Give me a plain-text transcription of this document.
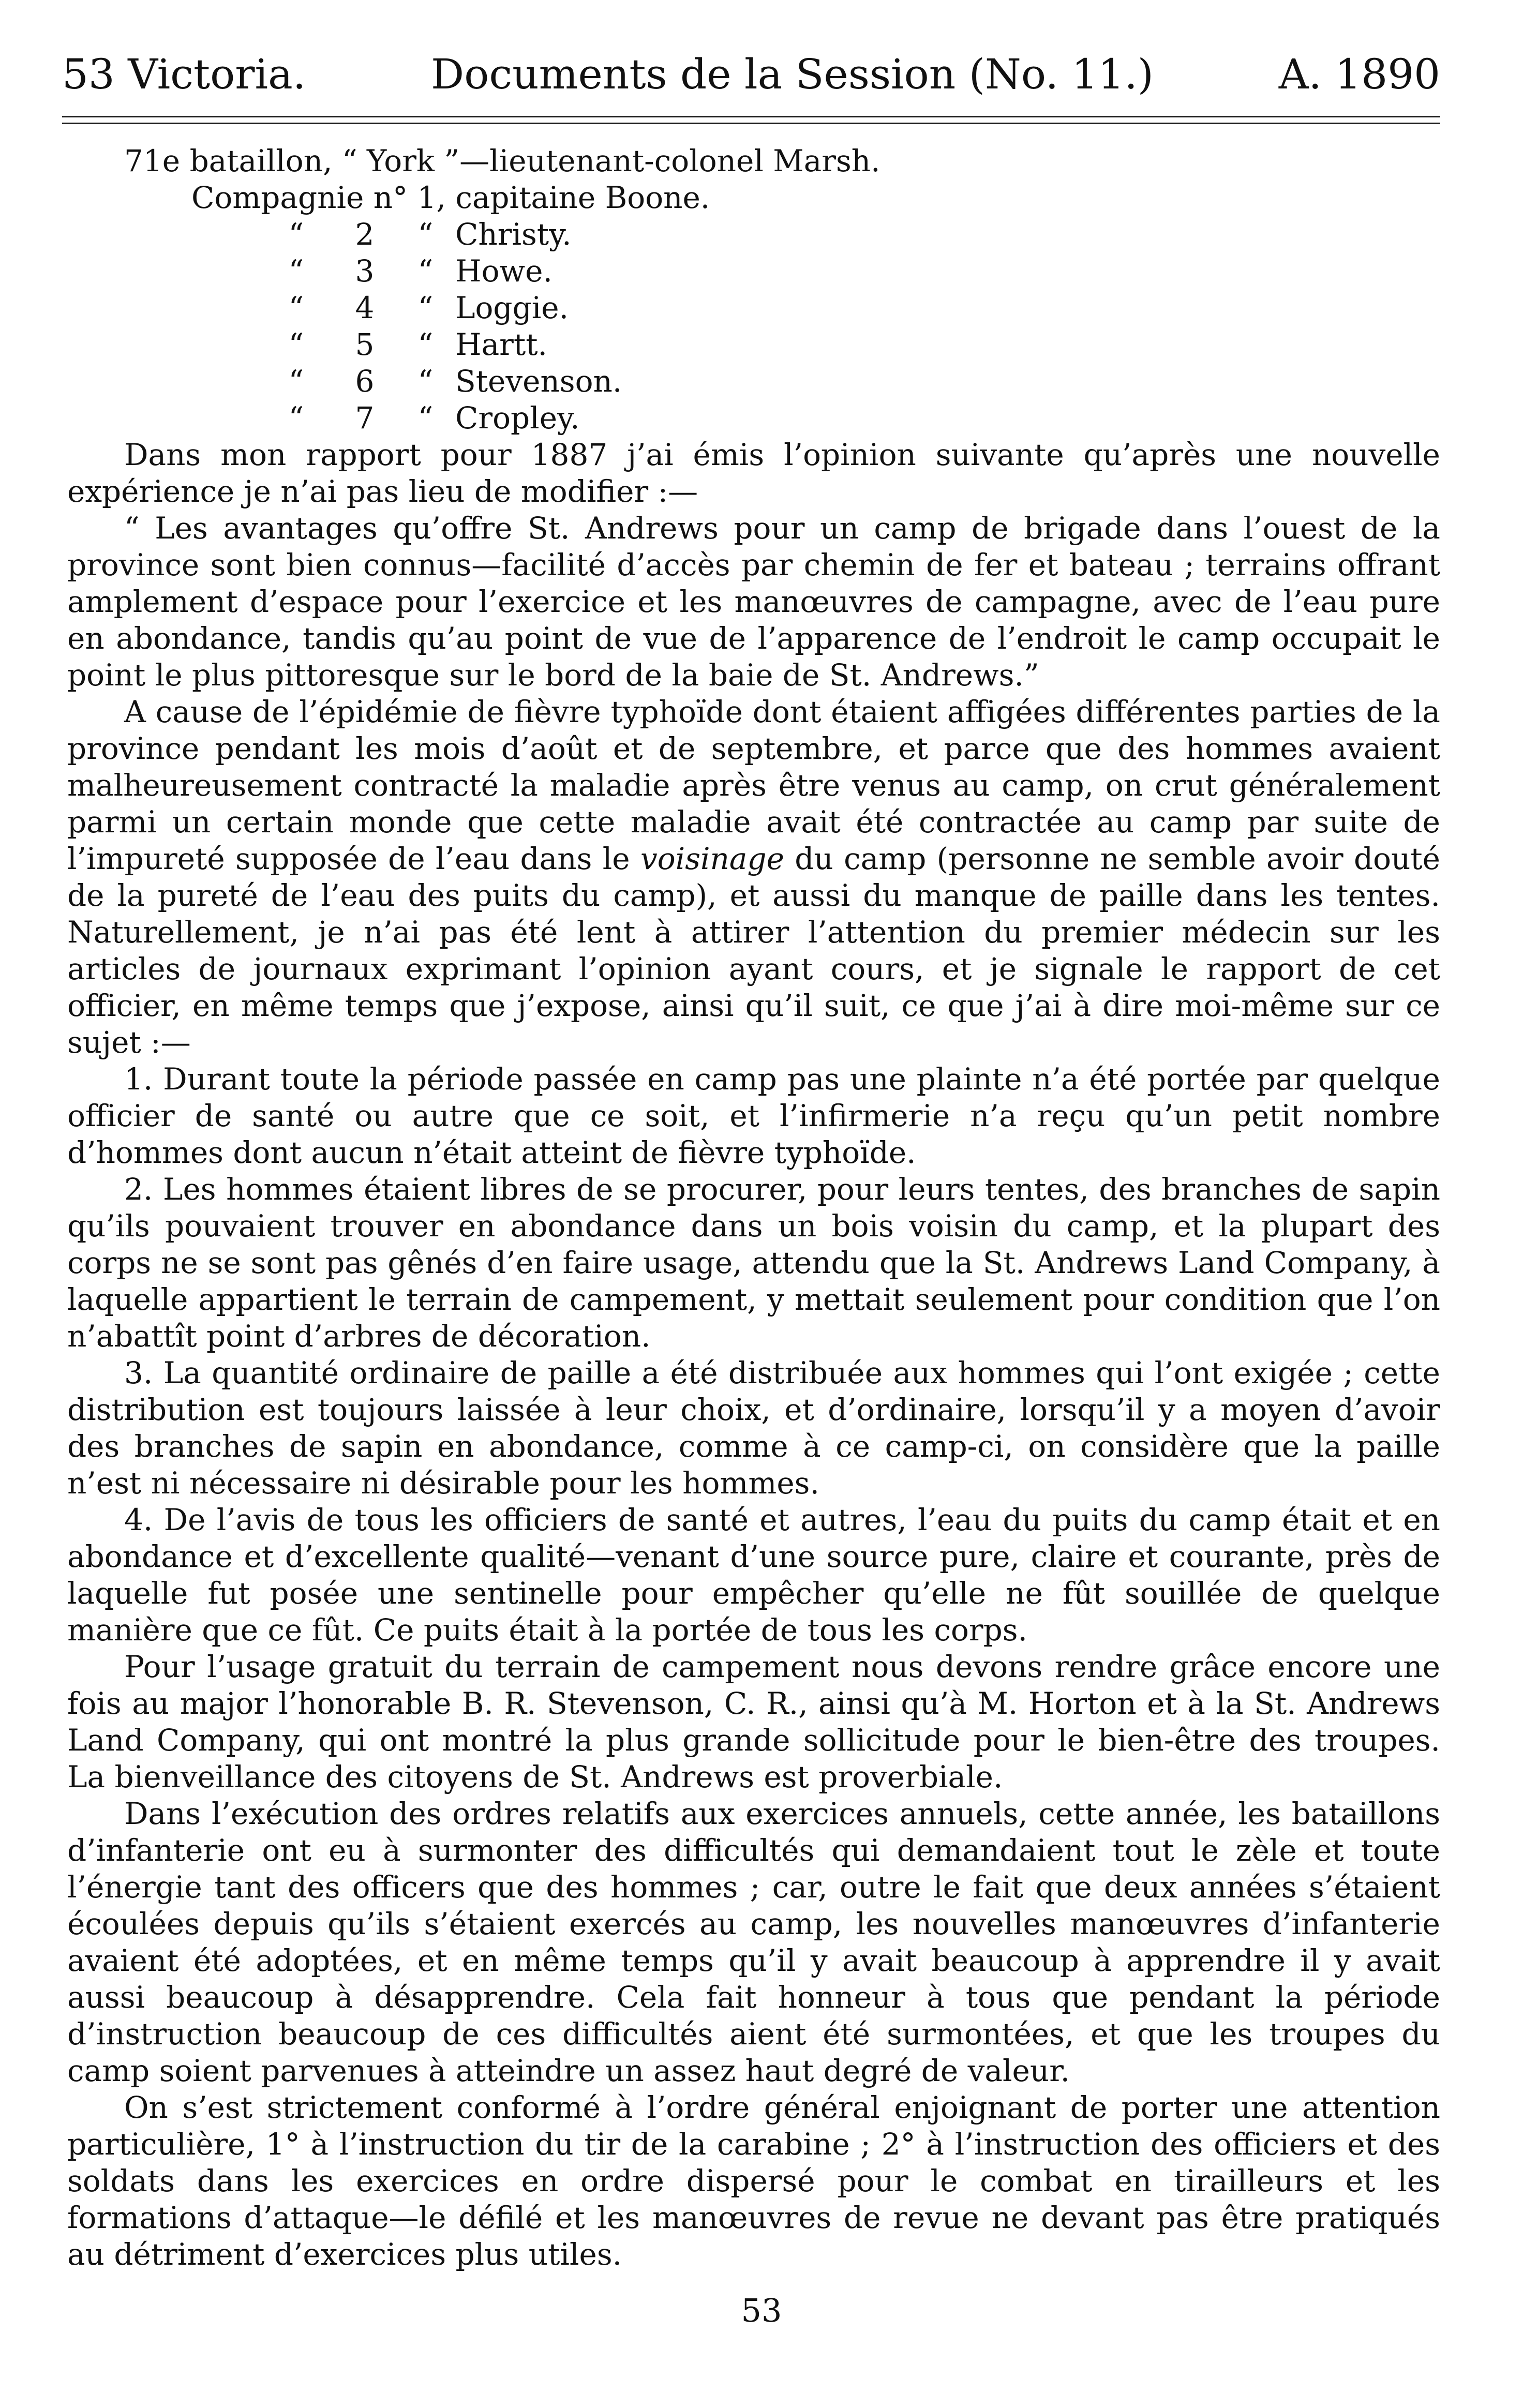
53 Victoria.	Documents de la Session (No. 11.)	A. 1890

71e bataillon, “ York ”—lieutenant-colonel Marsh.

Compagnie n° 1, capitaine Boone.

“	2	“ Christy.
“	3	“ Howe.
“	4	“ Loggie.
“	5	“ Hartt.
“	6	“ Stevenson.
“	7	“ Cropley.

Dans mon rapport pour 1887 j’ai émis l’opinion suivante qu’après une nouvelle expérience je n’ai pas lieu de modifier :—

“ Les avantages qu’offre St. Andrews pour un camp de brigade dans l’ouest de la province sont bien connus—facilité d’accès par chemin de fer et bateau ; terrains offrant amplement d’espace pour l’exercice et les manœuvres de campagne, avec de l’eau pure en abondance, tandis qu’au point de vue de l’apparence de l’endroit le camp occupait le point le plus pittoresque sur le bord de la baie de St. Andrews.”

A cause de l’épidémie de fièvre typhoïde dont étaient affigées différentes parties de la province pendant les mois d’août et de septembre, et parce que des hommes avaient malheureusement contracté la maladie après être venus au camp, on crut généralement parmi un certain monde que cette maladie avait été contractée au camp par suite de l’impureté supposée de l’eau dans le voisinage du camp (personne ne semble avoir douté de la pureté de l’eau des puits du camp), et aussi du manque de paille dans les tentes. Naturellement, je n’ai pas été lent à attirer l’attention du premier médecin sur les articles de journaux exprimant l’opinion ayant cours, et je signale le rapport de cet officier, en même temps que j’expose, ainsi qu’il suit, ce que j’ai à dire moi-même sur ce sujet :—

1. Durant toute la période passée en camp pas une plainte n’a été portée par quelque officier de santé ou autre que ce soit, et l’infirmerie n’a reçu qu’un petit nombre d’hommes dont aucun n’était atteint de fièvre typhoïde.

2. Les hommes étaient libres de se procurer, pour leurs tentes, des branches de sapin qu’ils pouvaient trouver en abondance dans un bois voisin du camp, et la plupart des corps ne se sont pas gênés d’en faire usage, attendu que la St. Andrews Land Company, à laquelle appartient le terrain de campement, y mettait seulement pour condition que l’on n’abattît point d’arbres de décoration.

3. La quantité ordinaire de paille a été distribuée aux hommes qui l’ont exigée ; cette distribution est toujours laissée à leur choix, et d’ordinaire, lorsqu’il y a moyen d’avoir des branches de sapin en abondance, comme à ce camp-ci, on considère que la paille n’est ni nécessaire ni désirable pour les hommes.

4. De l’avis de tous les officiers de santé et autres, l’eau du puits du camp était et en abondance et d’excellente qualité—venant d’une source pure, claire et courante, près de laquelle fut posée une sentinelle pour empêcher qu’elle ne fût souillée de quelque manière que ce fût. Ce puits était à la portée de tous les corps.

Pour l’usage gratuit du terrain de campement nous devons rendre grâce encore une fois au major l’honorable B. R. Stevenson, C. R., ainsi qu’à M. Horton et à la St. Andrews Land Company, qui ont montré la plus grande sollicitude pour le bien-être des troupes. La bienveillance des citoyens de St. Andrews est proverbiale.

Dans l’exécution des ordres relatifs aux exercices annuels, cette année, les bataillons d’infanterie ont eu à surmonter des difficultés qui demandaient tout le zèle et toute l’énergie tant des officers que des hommes ; car, outre le fait que deux années s’étaient écoulées depuis qu’ils s’étaient exercés au camp, les nouvelles manœuvres d’infanterie avaient été adoptées, et en même temps qu’il y avait beaucoup à apprendre il y avait aussi beaucoup à désapprendre. Cela fait honneur à tous que pendant la période d’instruction beaucoup de ces difficultés aient été surmontées, et que les troupes du camp soient parvenues à atteindre un assez haut degré de valeur.

On s’est strictement conformé à l’ordre général enjoignant de porter une attention particulière, 1° à l’instruction du tir de la carabine ; 2° à l’instruction des officiers et des soldats dans les exercices en ordre dispersé pour le combat en tirailleurs et les formations d’attaque—le défilé et les manœuvres de revue ne devant pas être pratiqués au détriment d’exercices plus utiles.

53
